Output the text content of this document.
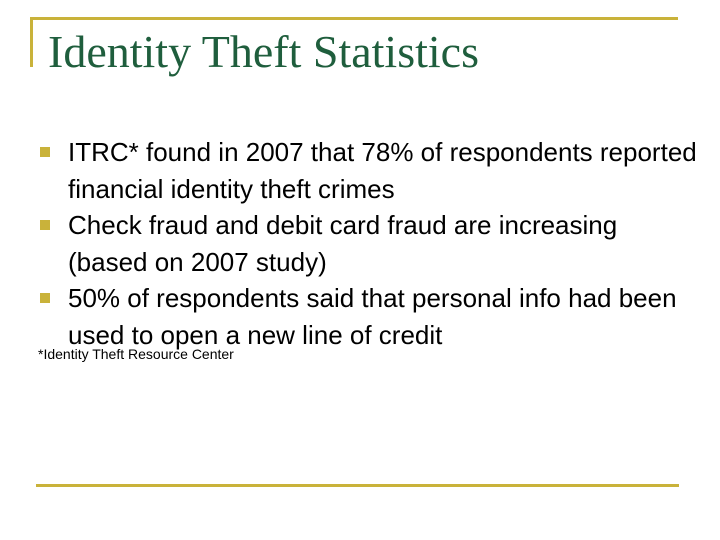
Identity Theft Statistics
ITRC* found in 2007 that 78% of respondents reported financial identity theft crimes
Check fraud and debit card fraud are increasing (based on 2007 study)
50% of respondents said that personal info had been used to open a new line of credit
*Identity Theft Resource Center
